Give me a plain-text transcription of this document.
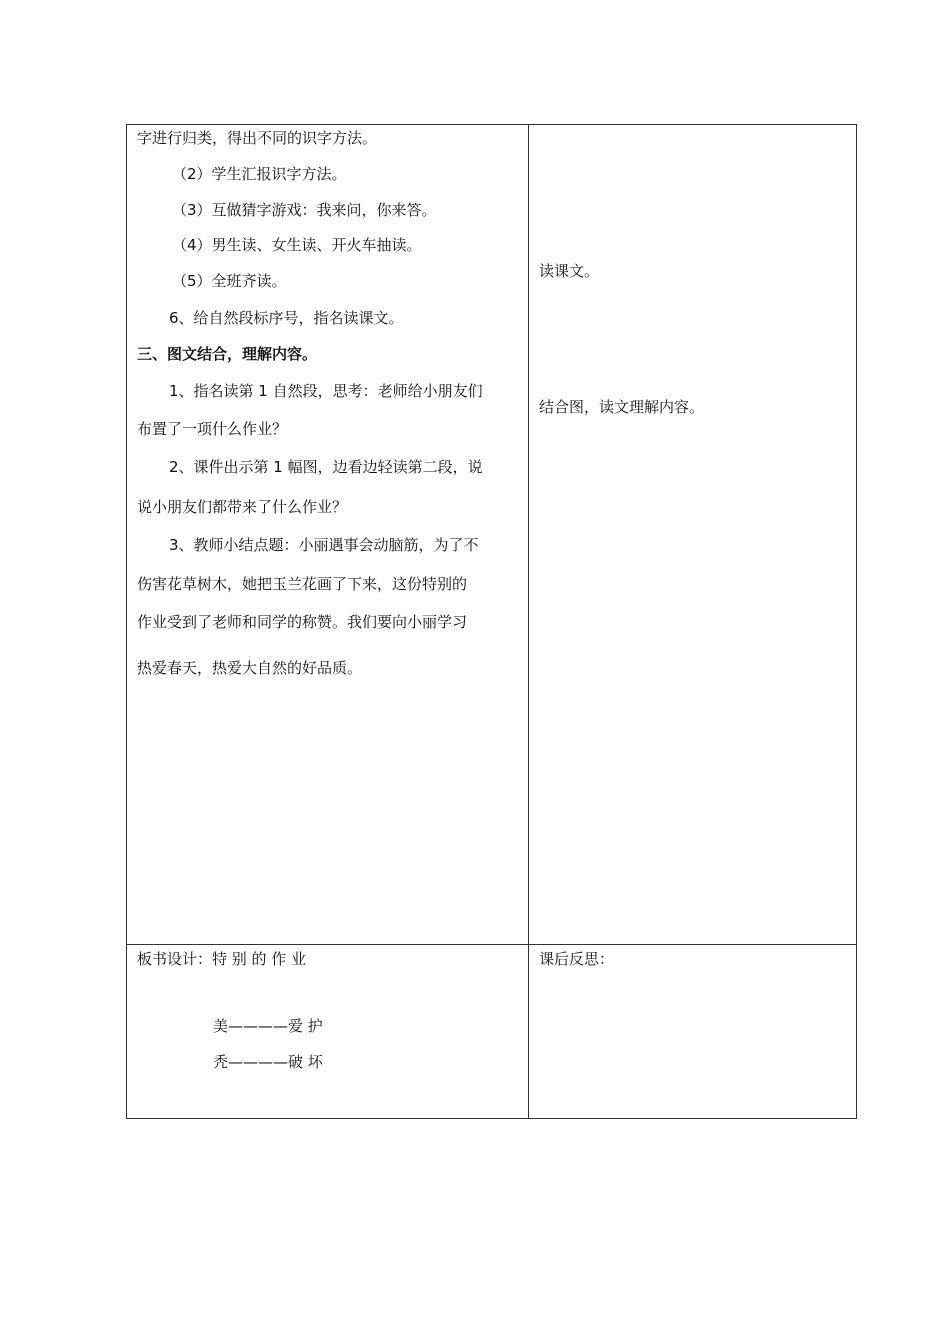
字进行归类，得出不同的识字方法。
（2）学生汇报识字方法。
（3）互做猜字游戏：我来问，你来答。
（4）男生读、女生读、开火车抽读。
（5）全班齐读。
6、给自然段标序号，指名读课文。
三、图文结合，理解内容。
1、指名读第 1 自然段，思考：老师给小朋友们
布置了一项什么作业？
2、课件出示第 1 幅图，边看边轻读第二段，说
说小朋友们都带来了什么作业？
3、教师小结点题：小丽遇事会动脑筋，为了不
伤害花草树木，她把玉兰花画了下来，这份特别的
作业受到了老师和同学的称赞。我们要向小丽学习
热爱春天，热爱大自然的好品质。
读课文。
结合图，读文理解内容。
板书设计：特 别 的 作 业
美————爱 护
秃————破 坏
课后反思：
